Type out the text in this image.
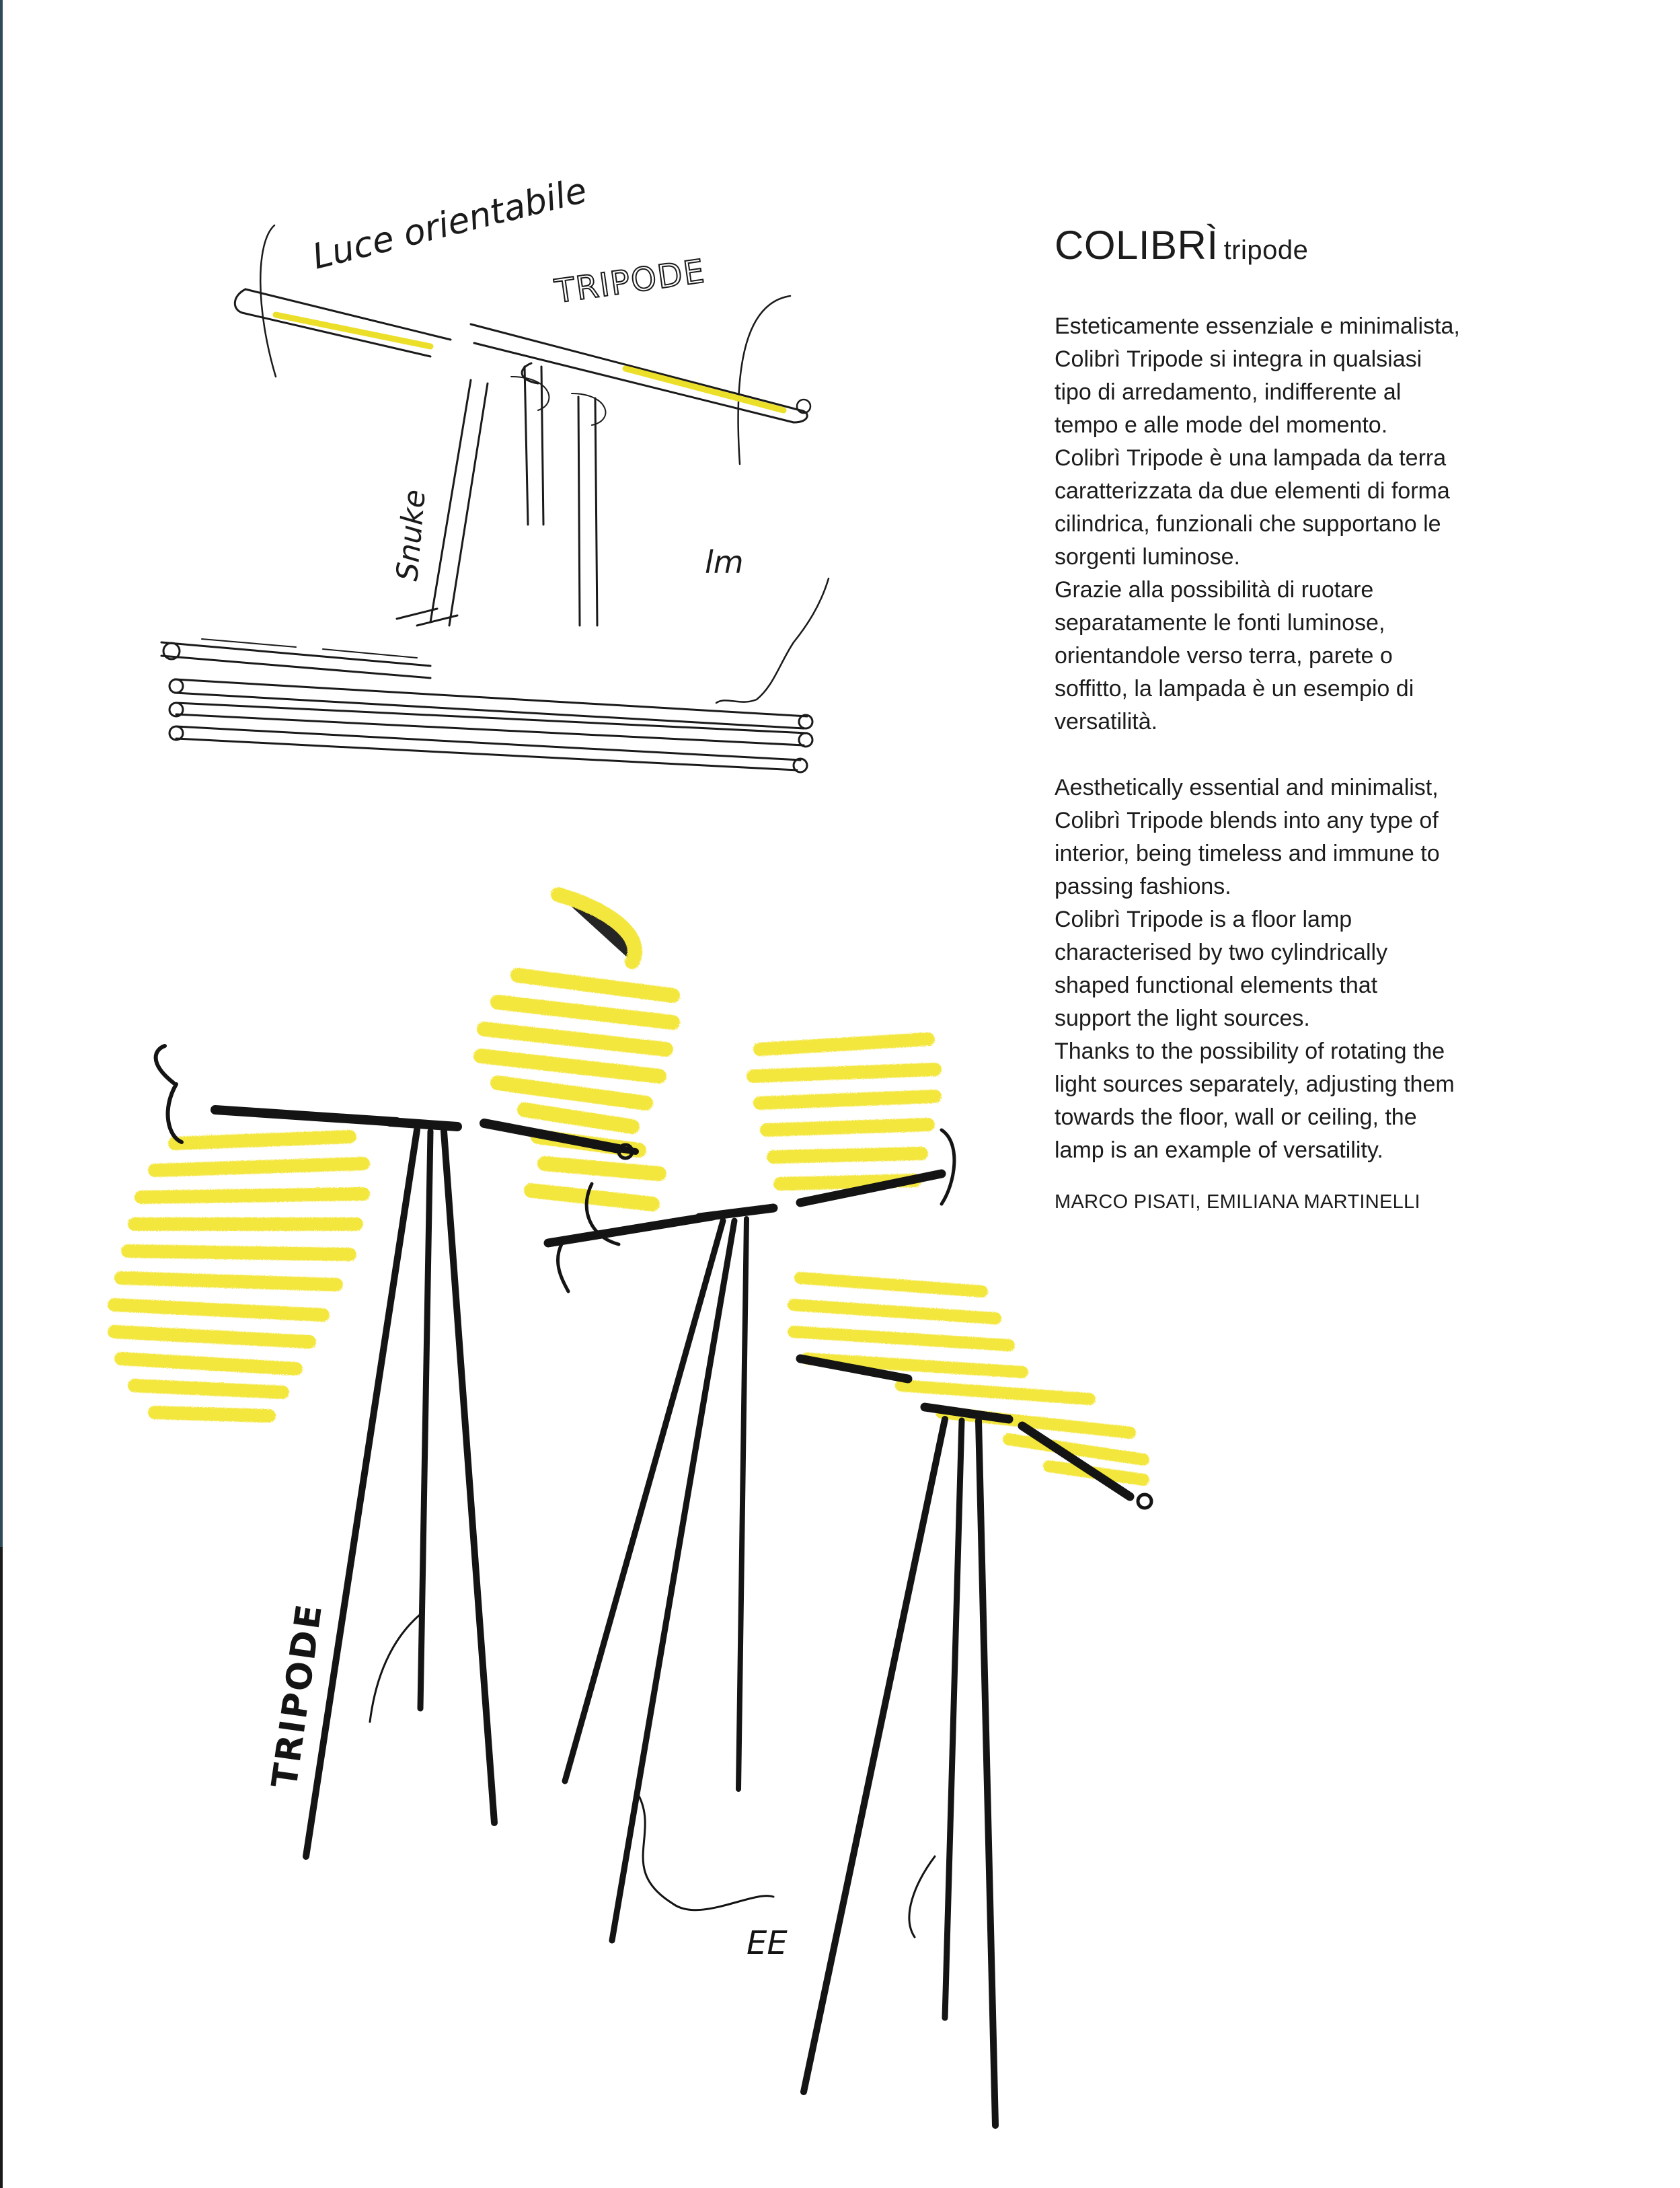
Luce orientabile
TRIPODE
Snuke	lm
TRIPODE
EE
COLIBRÌ tripode

Esteticamente essenziale e minimalista,
Colibrì Tripode si integra in qualsiasi
tipo di arredamento, indifferente al
tempo e alle mode del momento.
Colibrì Tripode è una lampada da terra
caratterizzata da due elementi di forma
cilindrica, funzionali che supportano le
sorgenti luminose.
Grazie alla possibilità di ruotare
separatamente le fonti luminose,
orientandole verso terra, parete o
soffitto, la lampada è un esempio di
versatilità.

Aesthetically essential and minimalist,
Colibrì Tripode blends into any type of
interior, being timeless and immune to
passing fashions.
Colibrì Tripode is a floor lamp
characterised by two cylindrically
shaped functional elements that
support the light sources.
Thanks to the possibility of rotating the
light sources separately, adjusting them
towards the floor, wall or ceiling, the
lamp is an example of versatility.

MARCO PISATI, EMILIANA MARTINELLI
